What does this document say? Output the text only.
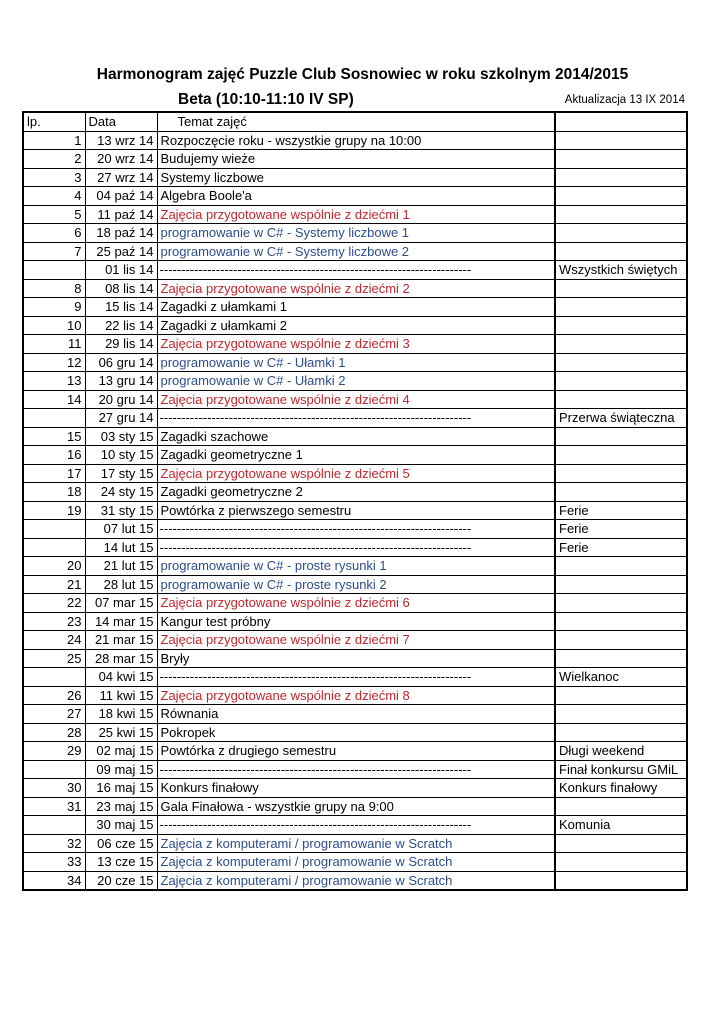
Harmonogram zajęć Puzzle Club Sosnowiec w roku szkolnym 2014/2015
Beta (10:10-11:10 IV SP)	Aktualizacja 13 IX 2014
lp.	Data	Temat zajęć	
1	13 wrz 14	Rozpoczęcie roku - wszystkie grupy na 10:00	
2	20 wrz 14	Budujemy wieże	
3	27 wrz 14	Systemy liczbowe	
4	04 paź 14	Algebra Boole'a	
5	11 paź 14	Zajęcia przygotowane wspólnie z dziećmi 1	
6	18 paź 14	programowanie w C# - Systemy liczbowe 1	
7	25 paź 14	programowanie w C# - Systemy liczbowe 2	
	01 lis 14	------------------------------------------------------------------------	Wszystkich świętych
8	08 lis 14	Zajęcia przygotowane wspólnie z dziećmi 2	
9	15 lis 14	Zagadki z ułamkami 1	
10	22 lis 14	Zagadki z ułamkami 2	
11	29 lis 14	Zajęcia przygotowane wspólnie z dziećmi 3	
12	06 gru 14	programowanie w C# - Ułamki 1	
13	13 gru 14	programowanie w C# - Ułamki 2	
14	20 gru 14	Zajęcia przygotowane wspólnie z dziećmi 4	
	27 gru 14	------------------------------------------------------------------------	Przerwa świąteczna
15	03 sty 15	Zagadki szachowe	
16	10 sty 15	Zagadki geometryczne 1	
17	17 sty 15	Zajęcia przygotowane wspólnie z dziećmi 5	
18	24 sty 15	Zagadki geometryczne 2	
19	31 sty 15	Powtórka z pierwszego semestru	Ferie
	07 lut 15	------------------------------------------------------------------------	Ferie
	14 lut 15	------------------------------------------------------------------------	Ferie
20	21 lut 15	programowanie w C# - proste rysunki 1	
21	28 lut 15	programowanie w C# - proste rysunki 2	
22	07 mar 15	Zajęcia przygotowane wspólnie z dziećmi 6	
23	14 mar 15	Kangur test próbny	
24	21 mar 15	Zajęcia przygotowane wspólnie z dziećmi 7	
25	28 mar 15	Bryły	
	04 kwi 15	------------------------------------------------------------------------	Wielkanoc
26	11 kwi 15	Zajęcia przygotowane wspólnie z dziećmi 8	
27	18 kwi 15	Równania	
28	25 kwi 15	Pokropek	
29	02 maj 15	Powtórka z drugiego semestru	Długi weekend
	09 maj 15	------------------------------------------------------------------------	Finał konkursu GMiL
30	16 maj 15	Konkurs finałowy	Konkurs finałowy
31	23 maj 15	Gala Finałowa - wszystkie grupy na 9:00	
	30 maj 15	------------------------------------------------------------------------	Komunia
32	06 cze 15	Zajęcia z komputerami / programowanie w Scratch	
33	13 cze 15	Zajęcia z komputerami / programowanie w Scratch	
34	20 cze 15	Zajęcia z komputerami / programowanie w Scratch	
